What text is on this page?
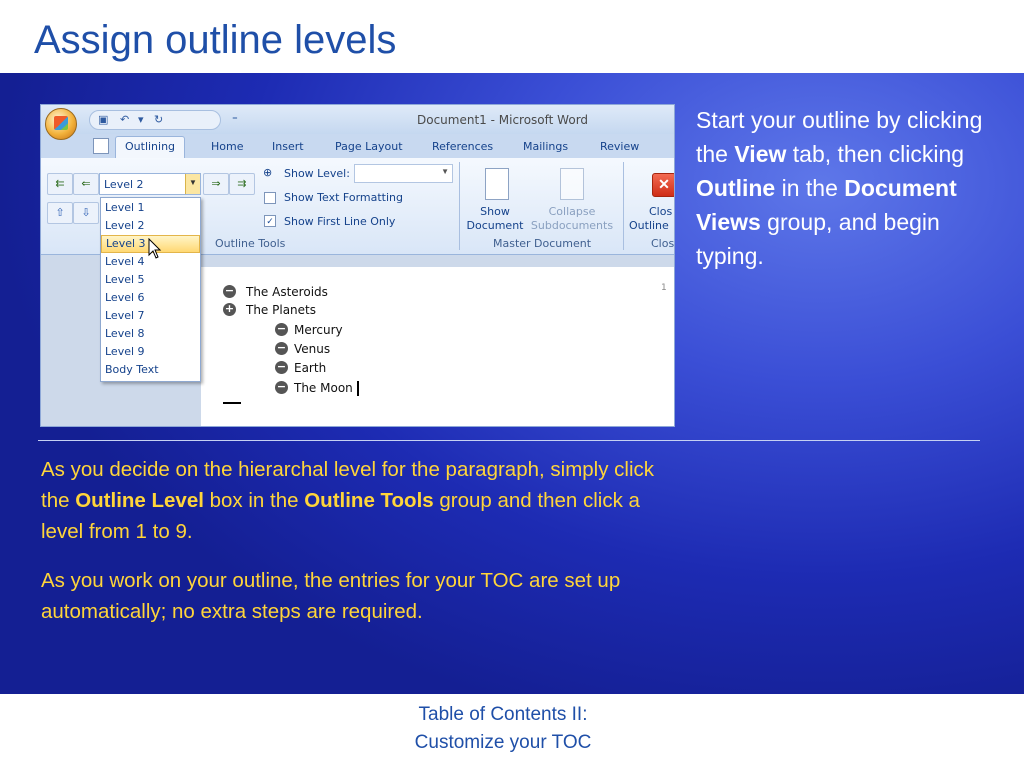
Assign outline levels
▣ ↶ ▾ ↻	⁼	Document1 - Microsoft Word
Outlining	Home	Insert	Page Layout	References	Mailings	Review
⇇	⇐	Level 2	▼	⇒	⇉
⇧	⇩
⊕ Show Level:	▼
Show Text Formatting
✓ Show First Line Only
Outline Tools
Show
Document
Collapse
Subdocuments
Master Document
✕
Clos
Outline
Clos
1
− The Asteroids
+ The Planets
− Mercury
− Venus
− Earth
− The Moon
Level 1
Level 2
Level 3
Level 4
Level 5
Level 6
Level 7
Level 8
Level 9
Body Text
Start your outline by clicking the View tab, then clicking Outline in the Document Views group, and begin typing.
As you decide on the hierarchal level for the paragraph, simply click the Outline Level box in the Outline Tools group and then click a level from 1 to 9.
As you work on your outline, the entries for your TOC are set up automatically; no extra steps are required.
Table of Contents II:
Customize your TOC
